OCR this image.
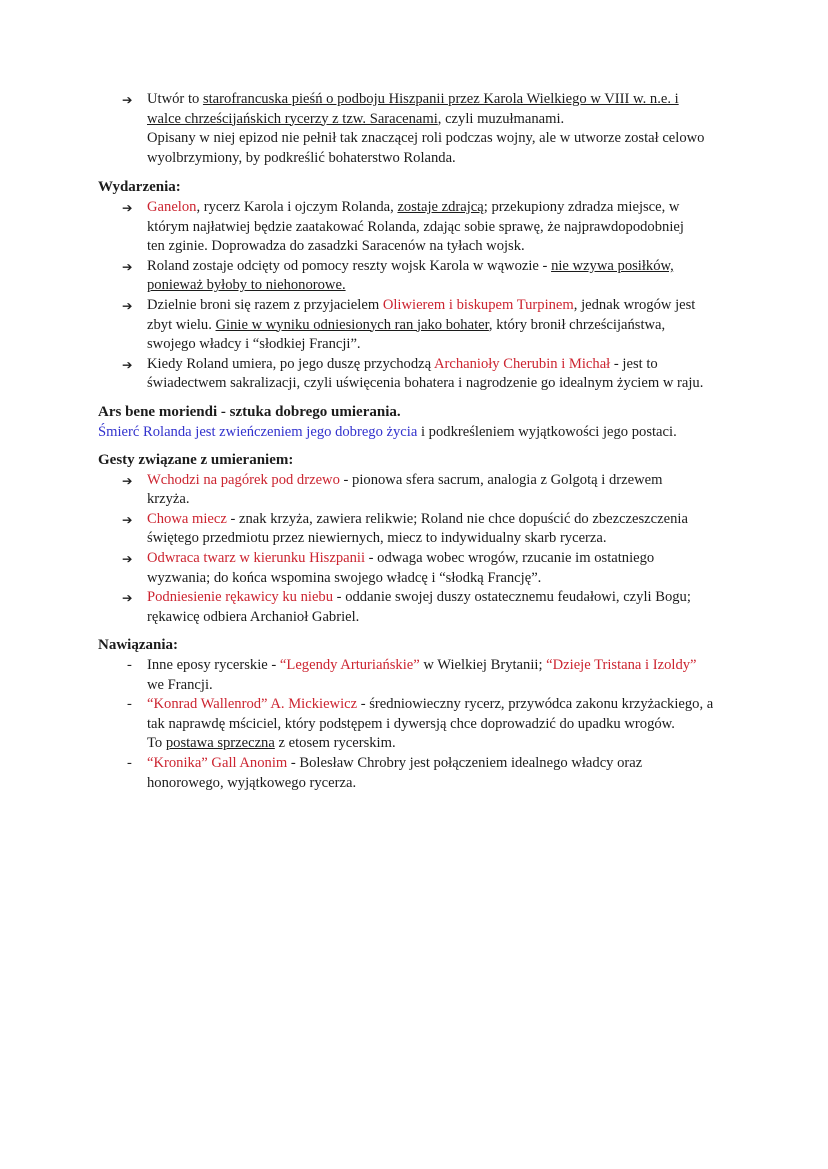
➔ Utwór to starofrancuska pieśń o podboju Hiszpanii przez Karola Wielkiego w VIII w. n.e. i
walce chrześcijańskich rycerzy z tzw. Saracenami, czyli muzułmanami.
Opisany w niej epizod nie pełnił tak znaczącej roli podczas wojny, ale w utworze został celowo
wyolbrzymiony, by podkreślić bohaterstwo Rolanda.
Wydarzenia:
➔ Ganelon, rycerz Karola i ojczym Rolanda, zostaje zdrajcą; przekupiony zdradza miejsce, w
którym najłatwiej będzie zaatakować Rolanda, zdając sobie sprawę, że najprawdopodobniej
ten zginie. Doprowadza do zasadzki Saracenów na tyłach wojsk.
➔ Roland zostaje odcięty od pomocy reszty wojsk Karola w wąwozie - nie wzywa posiłków,
ponieważ byłoby to niehonorowe.
➔ Dzielnie broni się razem z przyjacielem Oliwierem i biskupem Turpinem, jednak wrogów jest
zbyt wielu. Ginie w wyniku odniesionych ran jako bohater, który bronił chrześcijaństwa,
swojego władcy i “słodkiej Francji”.
➔ Kiedy Roland umiera, po jego duszę przychodzą Archanioły Cherubin i Michał - jest to
świadectwem sakralizacji, czyli uświęcenia bohatera i nagrodzenie go idealnym życiem w raju.
Ars bene moriendi - sztuka dobrego umierania.
Śmierć Rolanda jest zwieńczeniem jego dobrego życia i podkreśleniem wyjątkowości jego postaci.
Gesty związane z umieraniem:
➔ Wchodzi na pagórek pod drzewo - pionowa sfera sacrum, analogia z Golgotą i drzewem
krzyża.
➔ Chowa miecz - znak krzyża, zawiera relikwie; Roland nie chce dopuścić do zbezczeszczenia
świętego przedmiotu przez niewiernych, miecz to indywidualny skarb rycerza.
➔ Odwraca twarz w kierunku Hiszpanii - odwaga wobec wrogów, rzucanie im ostatniego
wyzwania; do końca wspomina swojego władcę i “słodką Francję”.
➔ Podniesienie rękawicy ku niebu - oddanie swojej duszy ostatecznemu feudałowi, czyli Bogu;
rękawicę odbiera Archanioł Gabriel.
Nawiązania:
- Inne eposy rycerskie - “Legendy Arturiańskie” w Wielkiej Brytanii; “Dzieje Tristana i Izoldy”
we Francji.
- “Konrad Wallenrod” A. Mickiewicz - średniowieczny rycerz, przywódca zakonu krzyżackiego, a
tak naprawdę mściciel, który podstępem i dywersją chce doprowadzić do upadku wrogów.
To postawa sprzeczna z etosem rycerskim.
- “Kronika” Gall Anonim - Bolesław Chrobry jest połączeniem idealnego władcy oraz
honorowego, wyjątkowego rycerza.
